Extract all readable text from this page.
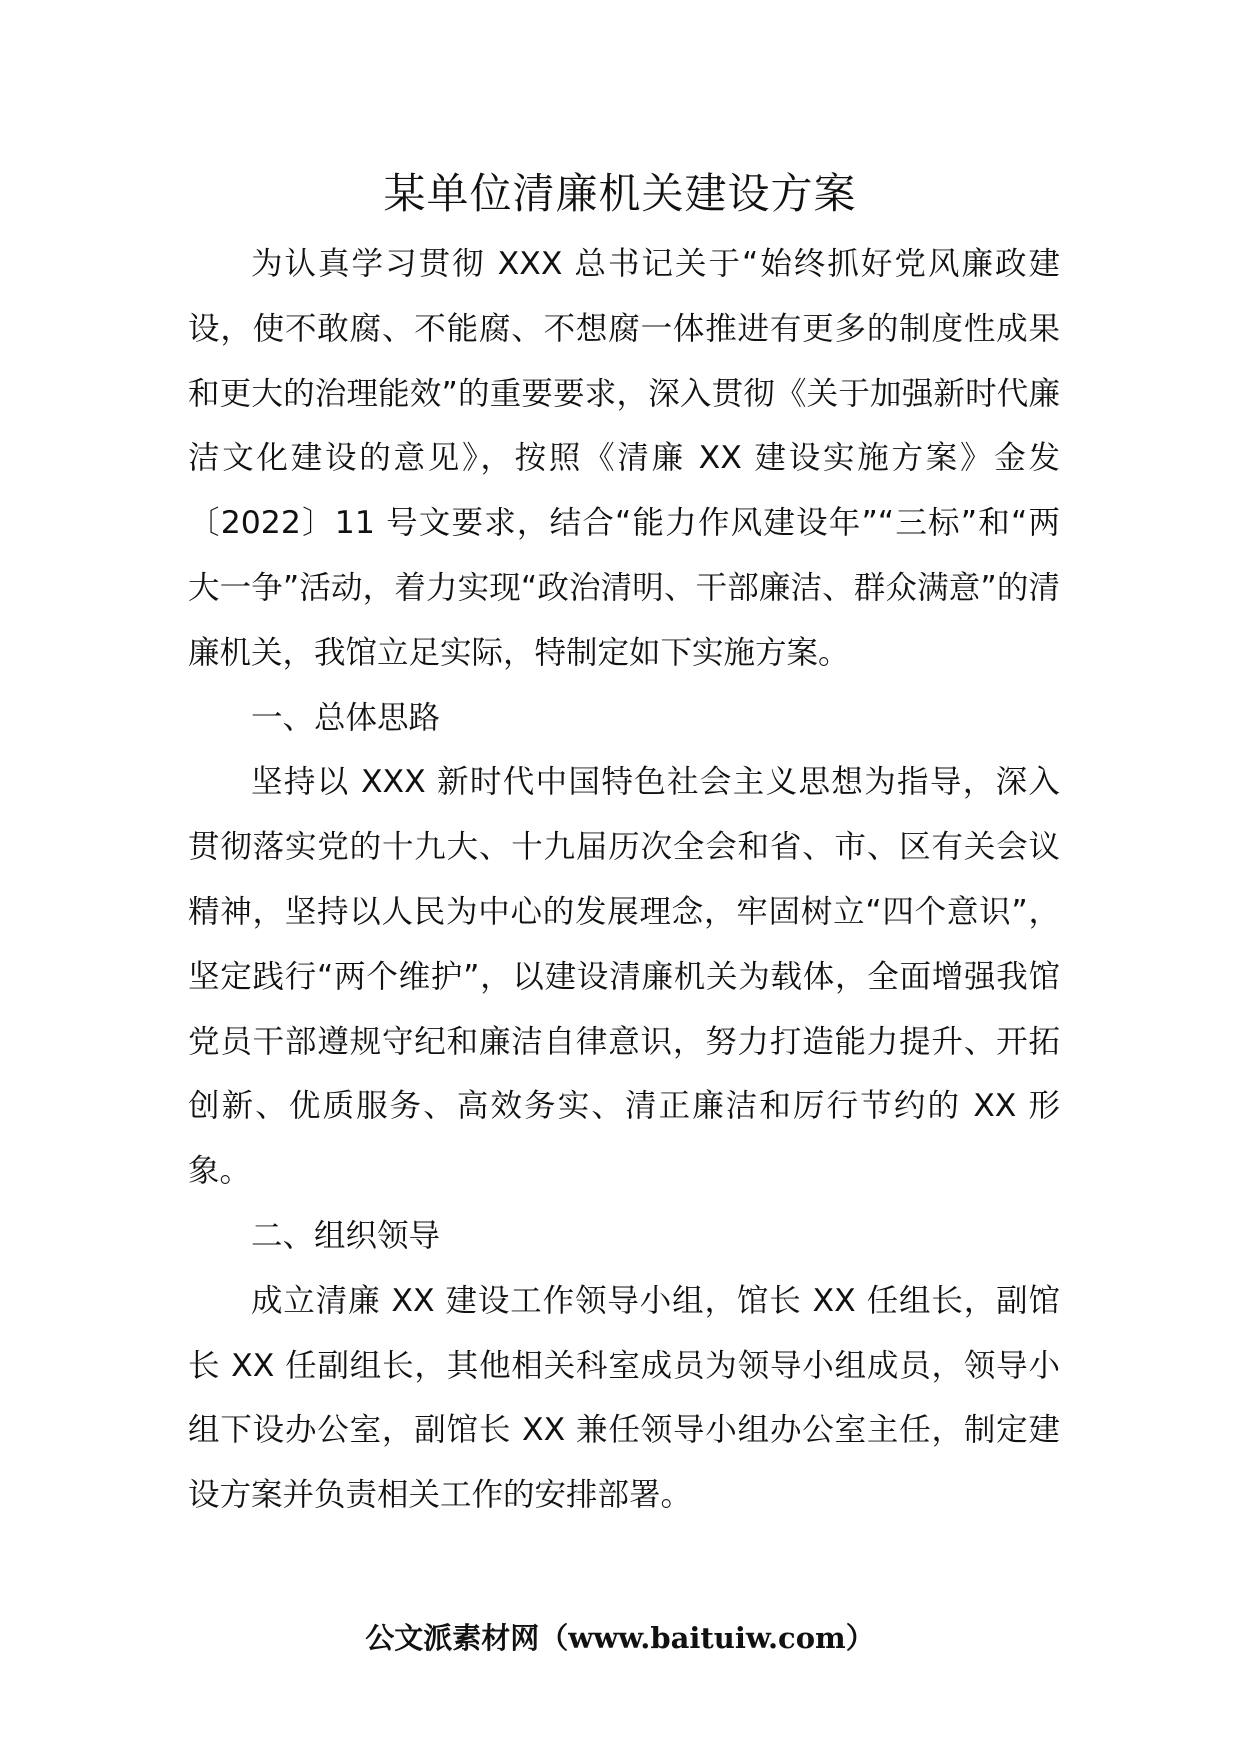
某单位清廉机关建设方案

为认真学习贯彻 XXX 总书记关于“始终抓好党风廉政建设，使不敢腐、不能腐、不想腐一体推进有更多的制度性成果和更大的治理能效”的重要要求，深入贯彻《关于加强新时代廉洁文化建设的意见》，按照《清廉 XX 建设实施方案》金发〔2022〕11 号文要求，结合“能力作风建设年”“三标”和“两大一争”活动，着力实现“政治清明、干部廉洁、群众满意”的清廉机关，我馆立足实际，特制定如下实施方案。

一、总体思路

坚持以 XXX 新时代中国特色社会主义思想为指导，深入贯彻落实党的十九大、十九届历次全会和省、市、区有关会议精神，坚持以人民为中心的发展理念，牢固树立“四个意识”，坚定践行“两个维护”，以建设清廉机关为载体，全面增强我馆党员干部遵规守纪和廉洁自律意识，努力打造能力提升、开拓创新、优质服务、高效务实、清正廉洁和厉行节约的 XX 形象。

二、组织领导

成立清廉 XX 建设工作领导小组，馆长 XX 任组长，副馆长 XX 任副组长，其他相关科室成员为领导小组成员，领导小组下设办公室，副馆长 XX 兼任领导小组办公室主任，制定建设方案并负责相关工作的安排部署。

公文派素材网（www.baituiw.com）
